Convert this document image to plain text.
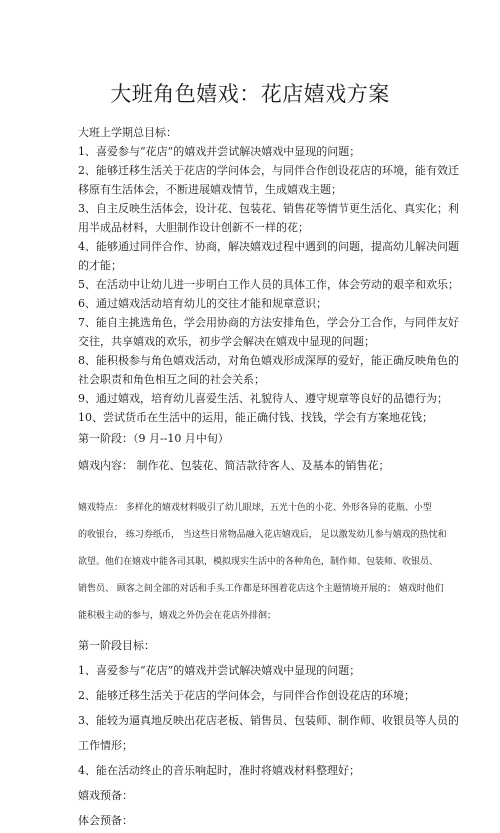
大班角色嬉戏：花店嬉戏方案

大班上学期总目标：

1、喜爱参与“花店”的嬉戏并尝试解决嬉戏中显现的问题；

2、能够迁移生活关于花店的学问体会，与同伴合作创设花店的环境，能有效迁

移原有生活体会，不断进展嬉戏情节，生成嬉戏主题；

3、自主反映生活体会，设计花、包装花、销售花等情节更生活化、真实化；利

用半成品材料，大胆制作设计创新不一样的花；

4、能够通过同伴合作、协商，解决嬉戏过程中遇到的问题，提高幼儿解决问题

的才能；

5、在活动中让幼儿进一步明白工作人员的具体工作，体会劳动的艰辛和欢乐；

6、通过嬉戏活动培育幼儿的交往才能和规章意识；

7、能自主挑选角色，学会用协商的方法安排角色，学会分工合作，与同伴友好

交往，共享嬉戏的欢乐，初步学会解决在嬉戏中显现的问题；

8、能积极参与角色嬉戏活动，对角色嬉戏形成深厚的爱好，能正确反映角色的

社会职责和角色相互之间的社会关系；

9、通过嬉戏，培育幼儿喜爱生活、礼貌待人、遵守规章等良好的品德行为；

10、尝试货币在生活中的运用，能正确付钱、找钱，学会有方案地花钱；

第一阶段：（9 月--10 月中旬）

嬉戏内容： 制作花、包装花、简洁款待客人、及基本的销售花；

嬉戏特点： 多样化的嬉戏材料吸引了幼儿眼球，五光十色的小花、外形各异的花瓶、小型

的收银台， 练习券纸币， 当这些日常物品融入花店嬉戏后， 足以激发幼儿参与嬉戏的热忱和

欲望。他们在嬉戏中能各司其职，模拟现实生活中的各种角色，制作师、包装师、收银员、

销售员、 顾客之间全部的对话和手头工作都是环围着花店这个主题情境开展的； 嬉戏时他们

能积极主动的参与，嬉戏之外仍会在花店外排徊；

第一阶段目标：

1、喜爱参与“花店”的嬉戏并尝试解决嬉戏中显现的问题；

2、能够迁移生活关于花店的学问体会，与同伴合作创设花店的环境；

3、能较为逼真地反映出花店老板、销售员、包装师、制作师、收银员等人员的

工作情形；

4、能在活动终止的音乐响起时，准时将嬉戏材料整理好；

嬉戏预备：

体会预备：
